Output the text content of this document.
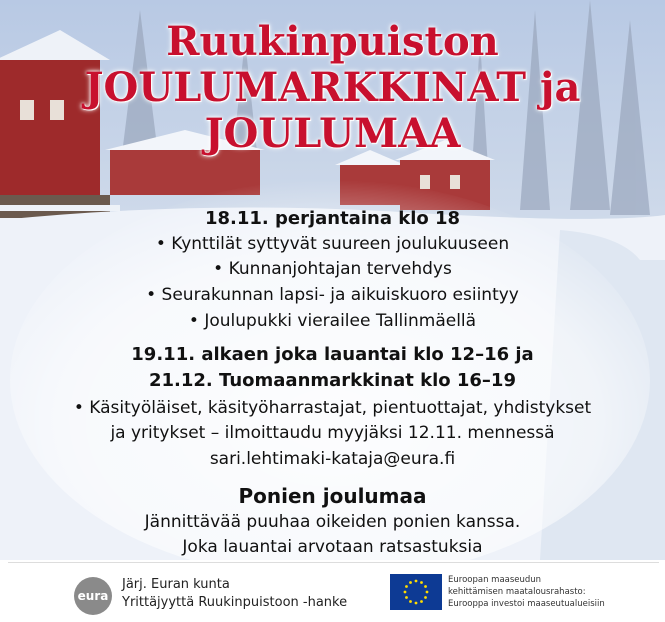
Ruukinpuiston
JOULUMARKKINAT ja
JOULUMAA
18.11. perjantaina klo 18
• Kynttilät syttyvät suureen joulukuuseen
• Kunnanjohtajan tervehdys
• Seurakunnan lapsi- ja aikuiskuoro esiintyy
• Joulupukki vierailee Tallinmäellä
19.11. alkaen joka lauantai klo 12–16 ja
21.12. Tuomaanmarkkinat klo 16–19
• Käsityöläiset, käsityöharrastajat, pientuottajat, yhdistykset
ja yritykset – ilmoittaudu myyjäksi 12.11. mennessä
sari.lehtimaki-kataja@eura.fi
Ponien joulumaa
Jännittävää puuhaa oikeiden ponien kanssa.
Joka lauantai arvotaan ratsastuksia
eura
Järj. Euran kunta
Yrittäjyyttä Ruukinpuistoon -hanke
Euroopan maaseudun
kehittämisen maatalousrahasto:
Eurooppa investoi maaseutualueisiin
